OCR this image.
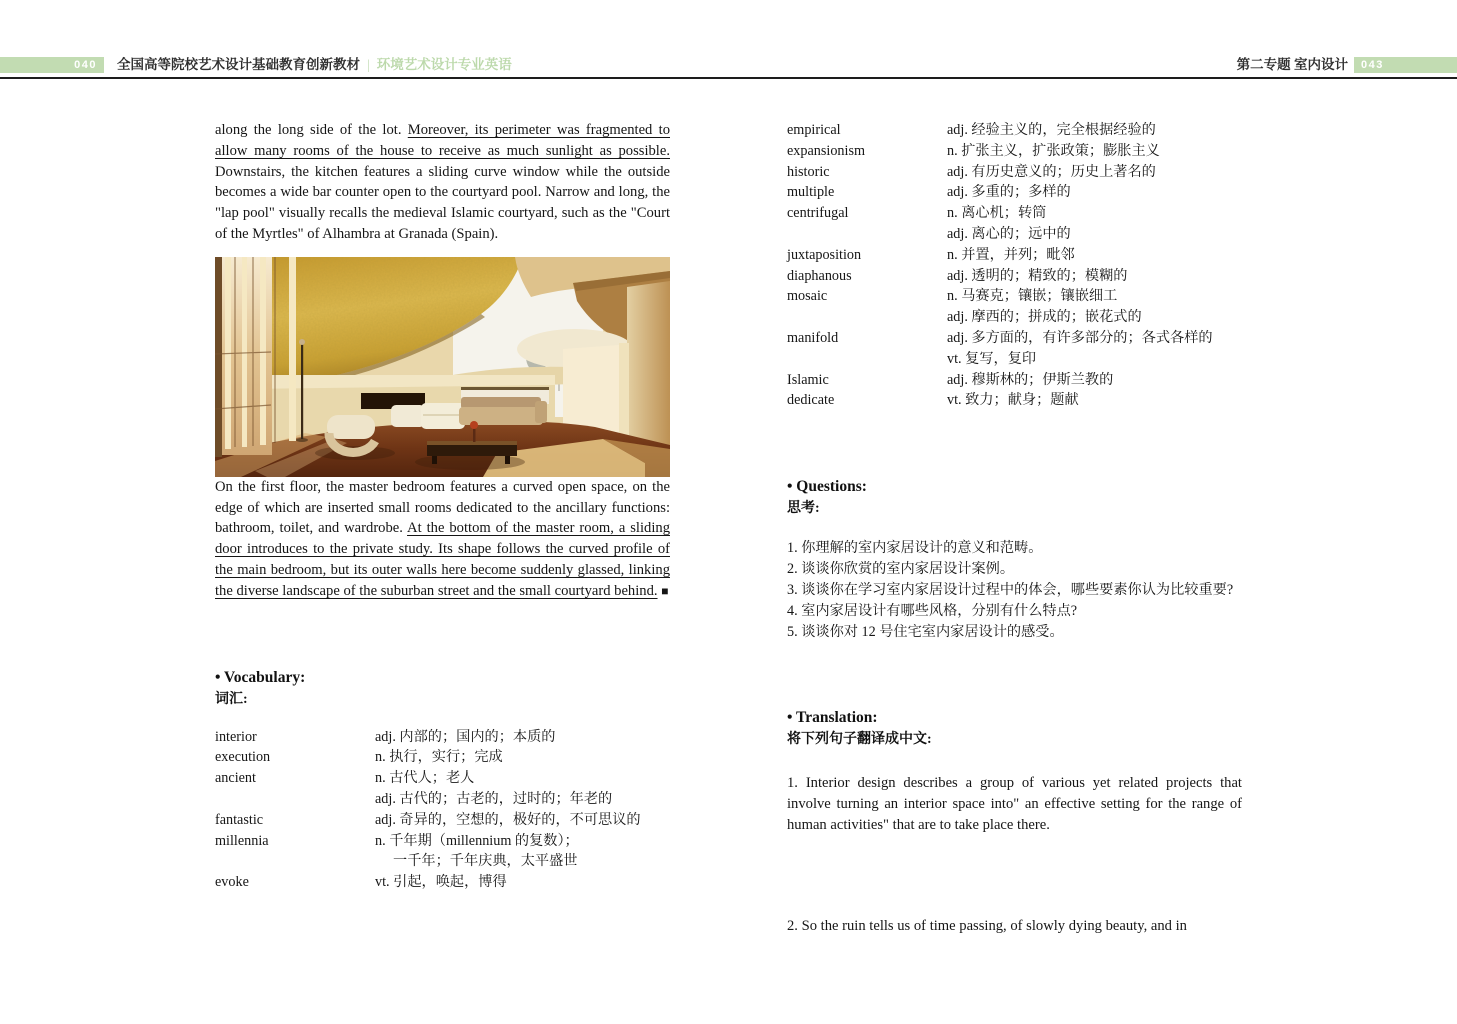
040	全国高等院校艺术设计基础教育创新教材 | 环境艺术设计专业英语	第二专题 室内设计	043

along the long side of the lot. Moreover, its perimeter was fragmented to allow many rooms of the house to receive as much sunlight as possible. Downstairs, the kitchen features a sliding curve window while the outside becomes a wide bar counter open to the courtyard pool. Narrow and long, the "lap pool" visually recalls the medieval Islamic courtyard, such as the "Court of the Myrtles" of Alhambra at Granada (Spain).

On the first floor, the master bedroom features a curved open space, on the edge of which are inserted small rooms dedicated to the ancillary functions: bathroom, toilet, and wardrobe. At the bottom of the master room, a sliding door introduces to the private study. Its shape follows the curved profile of the main bedroom, but its outer walls here become suddenly glassed, linking the diverse landscape of the suburban street and the small courtyard behind. ■

• Vocabulary:
词汇:
interior	adj. 内部的；国内的；本质的
execution	n. 执行，实行；完成
ancient	n. 古代人；老人
adj. 古代的；古老的，过时的；年老的
fantastic	adj. 奇异的，空想的，极好的，不可思议的
millennia	n. 千年期（millennium 的复数）；
一千年；千年庆典，太平盛世
evoke	vt. 引起，唤起，博得
empirical	adj. 经验主义的，完全根据经验的
expansionism	n. 扩张主义，扩张政策；膨胀主义
historic	adj. 有历史意义的；历史上著名的
multiple	adj. 多重的；多样的
centrifugal	n. 离心机；转筒
adj. 离心的；远中的
juxtaposition	n. 并置，并列；毗邻
diaphanous	adj. 透明的；精致的；模糊的
mosaic	n. 马赛克；镶嵌；镶嵌细工
adj. 摩西的；拼成的；嵌花式的
manifold	adj. 多方面的，有许多部分的；各式各样的
vt. 复写，复印
Islamic	adj. 穆斯林的；伊斯兰教的
dedicate	vt. 致力；献身；题献
• Questions:
思考:
1. 你理解的室内家居设计的意义和范畴。
2. 谈谈你欣赏的室内家居设计案例。
3. 谈谈你在学习室内家居设计过程中的体会，哪些要素你认为比较重要?
4. 室内家居设计有哪些风格，分别有什么特点?
5. 谈谈你对 12 号住宅室内家居设计的感受。
• Translation:
将下列句子翻译成中文:

1. Interior design describes a group of various yet related projects that involve turning an interior space into" an effective setting for the range of human activities" that are to take place there.

2. So the ruin tells us of time passing, of slowly dying beauty, and in
